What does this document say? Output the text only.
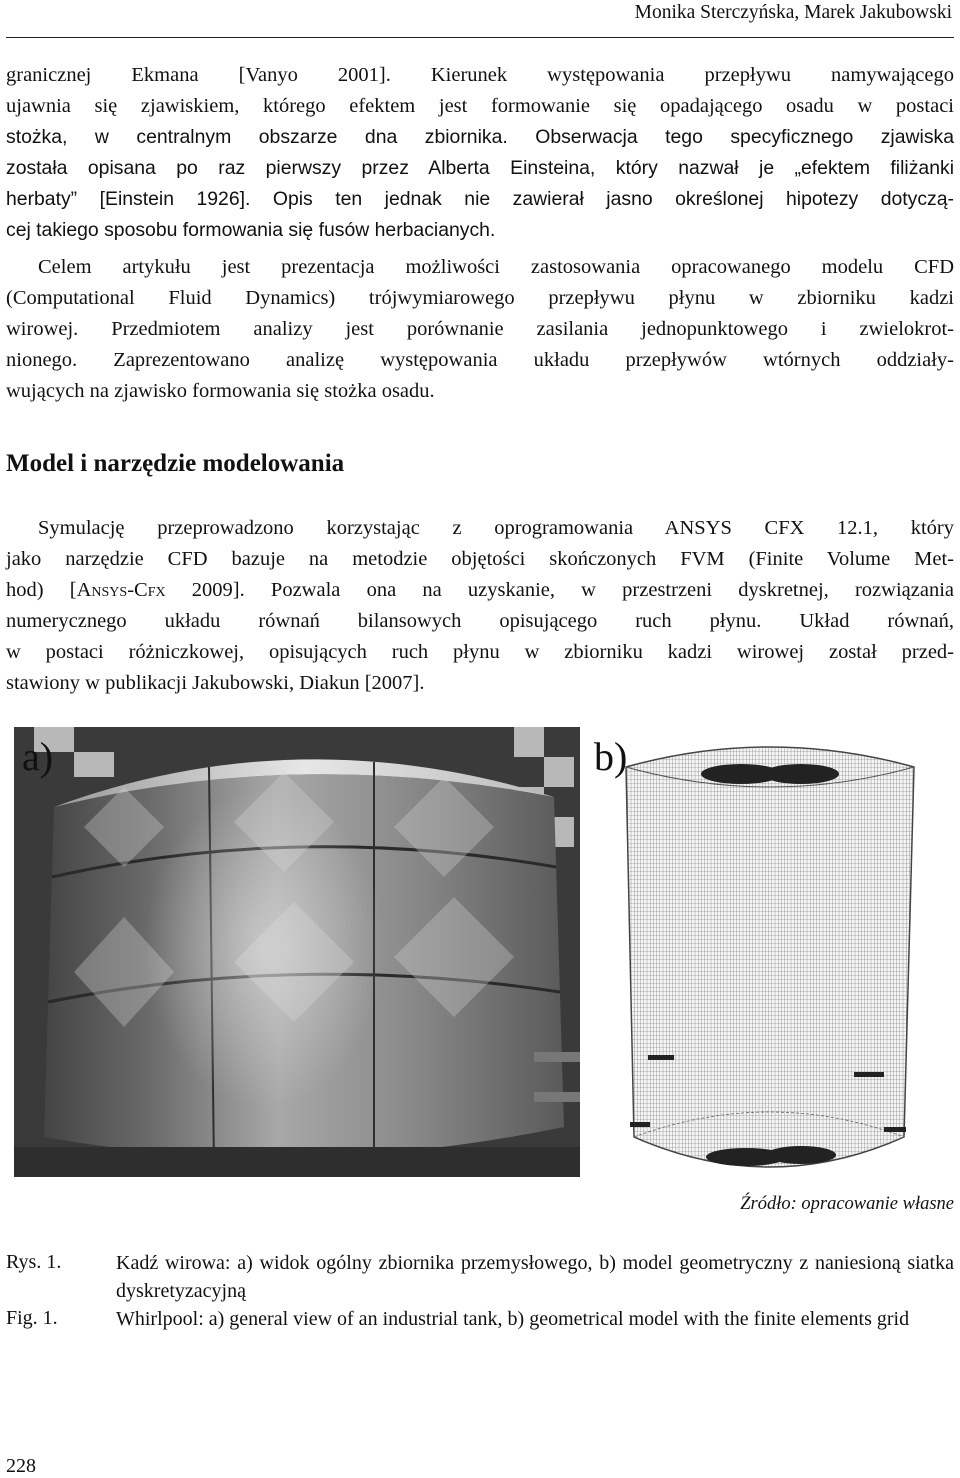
Monika Sterczyńska, Marek Jakubowski
granicznej Ekmana [Vanyo 2001]. Kierunek występowania przepływu namywającego
ujawnia się zjawiskiem, którego efektem jest formowanie się opadającego osadu w postaci
stożka, w centralnym obszarze dna zbiornika. Obserwacja tego specyficznego zjawiska
została opisana po raz pierwszy przez Alberta Einsteina, który nazwał je „efektem filiżanki
herbaty” [Einstein 1926]. Opis ten jednak nie zawierał jasno określonej hipotezy dotyczą-
cej takiego sposobu formowania się fusów herbacianych.
Celem artykułu jest prezentacja możliwości zastosowania opracowanego modelu CFD
(Computational Fluid Dynamics) trójwymiarowego przepływu płynu w zbiorniku kadzi
wirowej. Przedmiotem analizy jest porównanie zasilania jednopunktowego i zwielokrot-
nionego. Zaprezentowano analizę występowania układu przepływów wtórnych oddziały-
wujących na zjawisko formowania się stożka osadu.
Model i narzędzie modelowania
Symulację przeprowadzono korzystając z oprogramowania ANSYS CFX 12.1, który
jako narzędzie CFD bazuje na metodzie objętości skończonych FVM (Finite Volume Met-
hod) [Ansys-Cfx 2009]. Pozwala ona na uzyskanie, w przestrzeni dyskretnej, rozwiązania
numerycznego układu równań bilansowych opisującego ruch płynu. Układ równań,
w postaci różniczkowej, opisujących ruch płynu w zbiorniku kadzi wirowej został przed-
stawiony w publikacji Jakubowski, Diakun [2007].
a)	b)
Źródło: opracowanie własne
Rys. 1.	Kadź wirowa: a) widok ogólny zbiornika przemysłowego, b) model geometryczny z naniesioną siatka dyskretyzacyjną

Fig. 1.	Whirlpool: a) general view of an industrial tank, b) geometrical model with the finite elements grid

228
